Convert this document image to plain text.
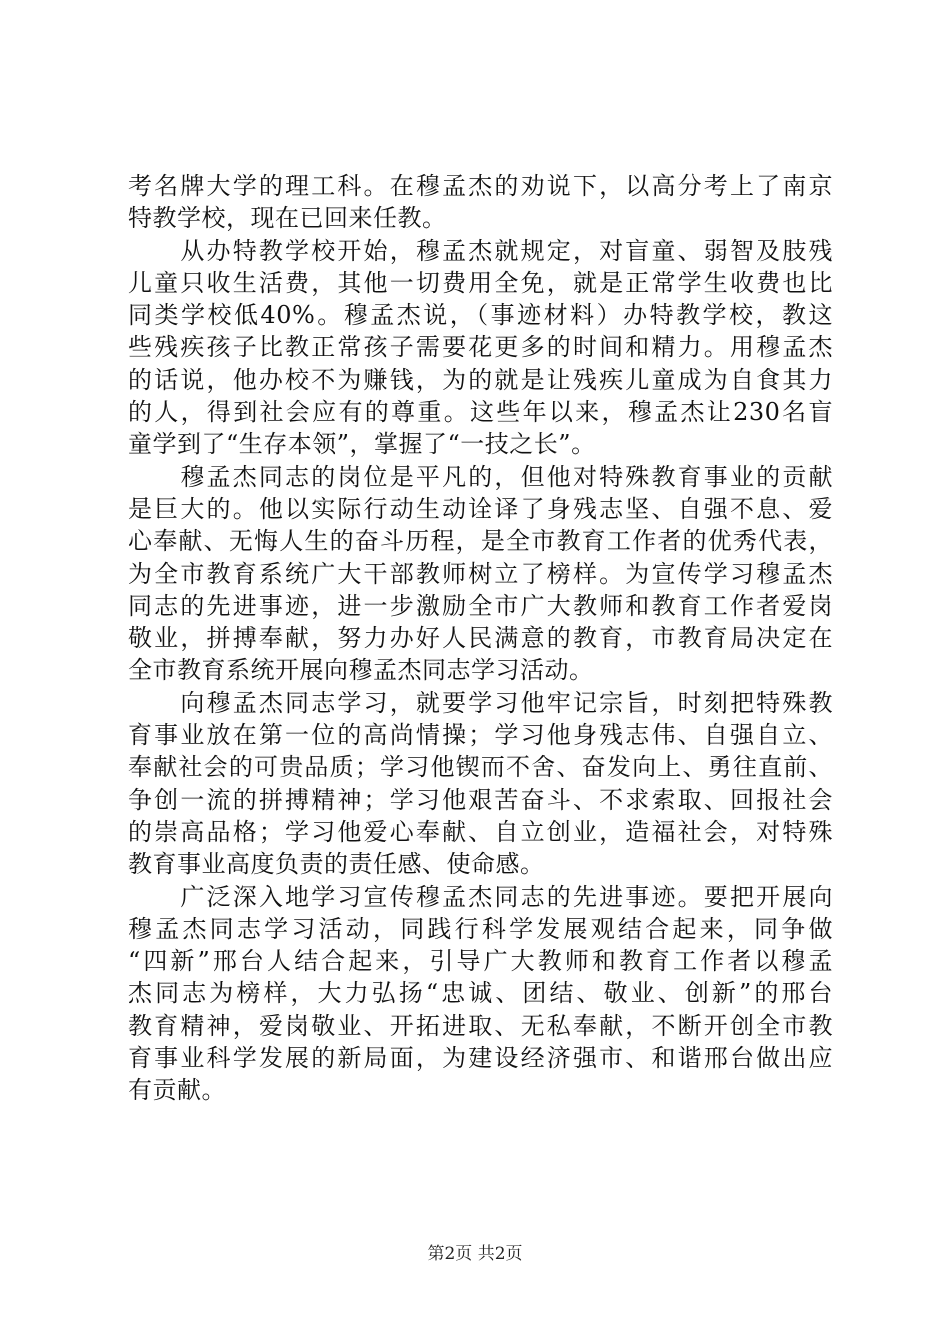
考名牌大学的理工科。在穆孟杰的劝说下，以高分考上了南京
特教学校，现在已回来任教。
　　从办特教学校开始，穆孟杰就规定，对盲童、弱智及肢残
儿童只收生活费，其他一切费用全免，就是正常学生收费也比
同类学校低40%。穆孟杰说，（事迹材料）办特教学校，教这
些残疾孩子比教正常孩子需要花更多的时间和精力。用穆孟杰
的话说，他办校不为赚钱，为的就是让残疾儿童成为自食其力
的人，得到社会应有的尊重。这些年以来，穆孟杰让230名盲
童学到了“生存本领”，掌握了“一技之长”。
　　穆孟杰同志的岗位是平凡的，但他对特殊教育事业的贡献
是巨大的。他以实际行动生动诠译了身残志坚、自强不息、爱
心奉献、无悔人生的奋斗历程，是全市教育工作者的优秀代表，
为全市教育系统广大干部教师树立了榜样。为宣传学习穆孟杰
同志的先进事迹，进一步激励全市广大教师和教育工作者爱岗
敬业，拼搏奉献，努力办好人民满意的教育，市教育局决定在
全市教育系统开展向穆孟杰同志学习活动。
　　向穆孟杰同志学习，就要学习他牢记宗旨，时刻把特殊教
育事业放在第一位的高尚情操；学习他身残志伟、自强自立、
奉献社会的可贵品质；学习他锲而不舍、奋发向上、勇往直前、
争创一流的拼搏精神；学习他艰苦奋斗、不求索取、回报社会
的崇高品格；学习他爱心奉献、自立创业，造福社会，对特殊
教育事业高度负责的责任感、使命感。
　　广泛深入地学习宣传穆孟杰同志的先进事迹。要把开展向
穆孟杰同志学习活动，同践行科学发展观结合起来，同争做
“四新”邢台人结合起来，引导广大教师和教育工作者以穆孟
杰同志为榜样，大力弘扬“忠诚、团结、敬业、创新”的邢台
教育精神，爱岗敬业、开拓进取、无私奉献，不断开创全市教
育事业科学发展的新局面，为建设经济强市、和谐邢台做出应
有贡献。
第2页 共2页
